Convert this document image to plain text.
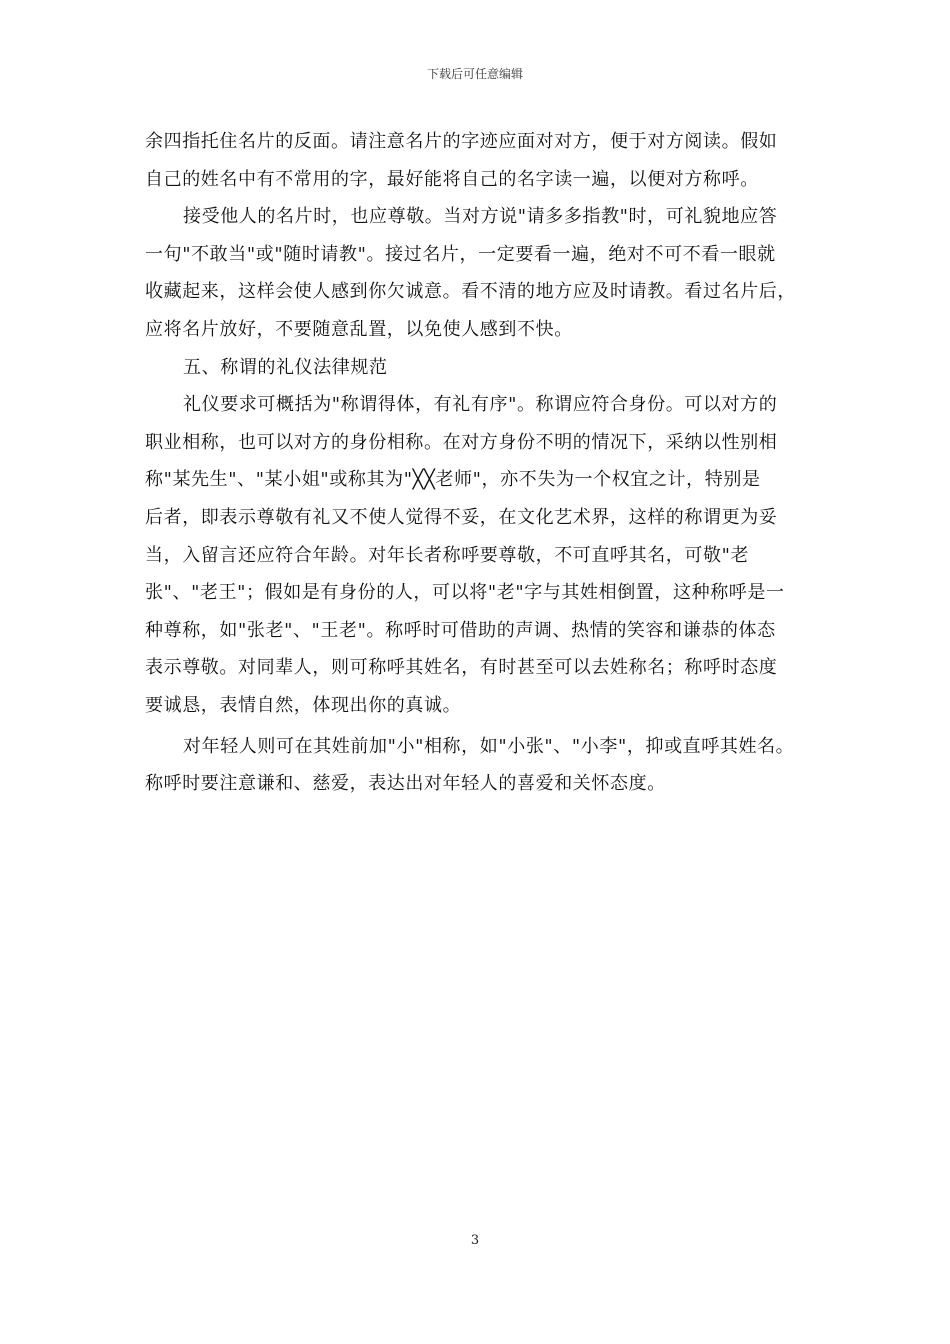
下载后可任意编辑
余四指托住名片的反面。请注意名片的字迹应面对对方，便于对方阅读。假如
自己的姓名中有不常用的字，最好能将自己的名字读一遍，以便对方称呼。
接受他人的名片时，也应尊敬。当对方说"请多多指教"时，可礼貌地应答
一句"不敢当"或"随时请教"。接过名片，一定要看一遍，绝对不可不看一眼就
收藏起来，这样会使人感到你欠诚意。看不清的地方应及时请教。看过名片后，
应将名片放好，不要随意乱置，以免使人感到不快。
五、称谓的礼仪法律规范
礼仪要求可概括为"称谓得体，有礼有序"。称谓应符合身份。可以对方的
职业相称，也可以对方的身份相称。在对方身份不明的情况下，采纳以性别相
称"某先生"、"某小姐"或称其为"╳╳老师"，亦不失为一个权宜之计，特别是
后者，即表示尊敬有礼又不使人觉得不妥，在文化艺术界，这样的称谓更为妥
当，入留言还应符合年龄。对年长者称呼要尊敬，不可直呼其名，可敬"老
张"、"老王"；假如是有身份的人，可以将"老"字与其姓相倒置，这种称呼是一
种尊称，如"张老"、"王老"。称呼时可借助的声调、热情的笑容和谦恭的体态
表示尊敬。对同辈人，则可称呼其姓名，有时甚至可以去姓称名；称呼时态度
要诚恳，表情自然，体现出你的真诚。
对年轻人则可在其姓前加"小"相称，如"小张"、"小李"，抑或直呼其姓名。
称呼时要注意谦和、慈爱，表达出对年轻人的喜爱和关怀态度。
3
